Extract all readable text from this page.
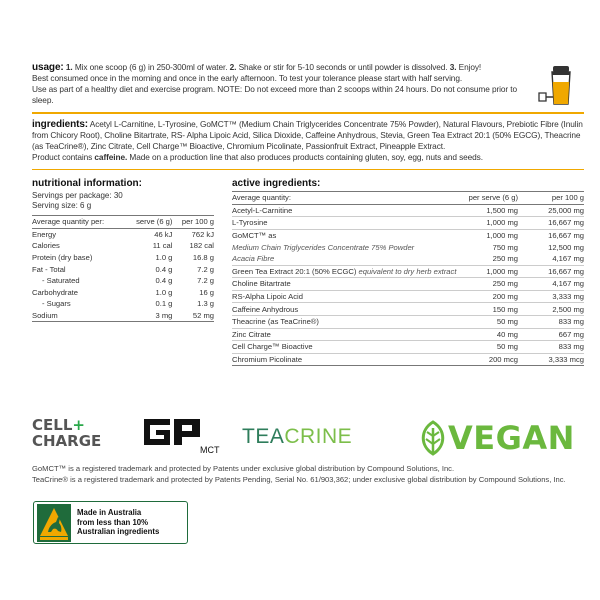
usage: 1. Mix one scoop (6 g) in 250-300ml of water. 2. Shake or stir for 5-10 seconds or until powder is dissolved. 3. Enjoy!
Best consumed once in the morning and once in the early afternoon. To test your tolerance please start with half serving.
Use as part of a healthy diet and exercise program. NOTE: Do not exceed more than 2 scoops within 24 hours. Do not consume prior to sleep.
ingredients: Acetyl L-Carnitine, L-Tyrosine, GoMCT™ (Medium Chain Triglycerides Concentrate 75% Powder), Natural Flavours, Prebiotic Fibre (Inulin from Chicory Root), Choline Bitartrate, RS- Alpha Lipoic Acid, Silica Dioxide, Caffeine Anhydrous, Stevia, Green Tea Extract 20:1 (50% EGCG), Theacrine (as TeaCrine®), Zinc Citrate, Cell Charge™ Bioactive, Chromium Picolinate, Passionfruit Extract, Pineapple Extract.
Product contains caffeine. Made on a production line that also produces products containing gluten, soy, egg, nuts and seeds.
nutritional information:
Servings per package: 30
Serving size: 6 g
Average quantity per:	serve (6 g)	per 100 g
Energy	46 kJ	762 kJ
Calories	11 cal	182 cal
Protein (dry base)	1.0 g	16.8 g
Fat - Total	0.4 g	7.2 g
- Saturated	0.4 g	7.2 g
Carbohydrate	1.0 g	16 g
- Sugars	0.1 g	1.3 g
Sodium	3 mg	52 mg
active ingredients:
Average quantity:	per serve (6 g)	per 100 g
Acetyl-L-Carnitine	1,500 mg	25,000 mg
L-Tyrosine	1,000 mg	16,667 mg
GoMCT™ as	1,000 mg	16,667 mg
Medium Chain Triglycerides Concentrate 75% Powder	750 mg	12,500 mg
Acacia Fibre	250 mg	4,167 mg
Green Tea Extract 20:1 (50% ECGC) equivalent to dry herb extract	1,000 mg	16,667 mg
Choline Bitartrate	250 mg	4,167 mg
RS-Alpha Lipoic Acid	200 mg	3,333 mg
Caffeine Anhydrous	150 mg	2,500 mg
Theacrine (as TeaCrine®)	50 mg	833 mg
Zinc Citrate	40 mg	667 mg
Cell Charge™ Bioactive	50 mg	833 mg
Chromium Picolinate	200 mcg	3,333 mcg
CELL+
CHARGE	MCT
TEACRINE	VEGAN
GoMCT™ is a registered trademark and protected by Patents under exclusive global distribution by Compound Solutions, Inc.
TeaCrine® is a registered trademark and protected by Patents Pending, Serial No. 61/903,362; under exclusive global distribution by Compound Solutions, Inc.
Made in Australia
from less than 10%
Australian ingredients
